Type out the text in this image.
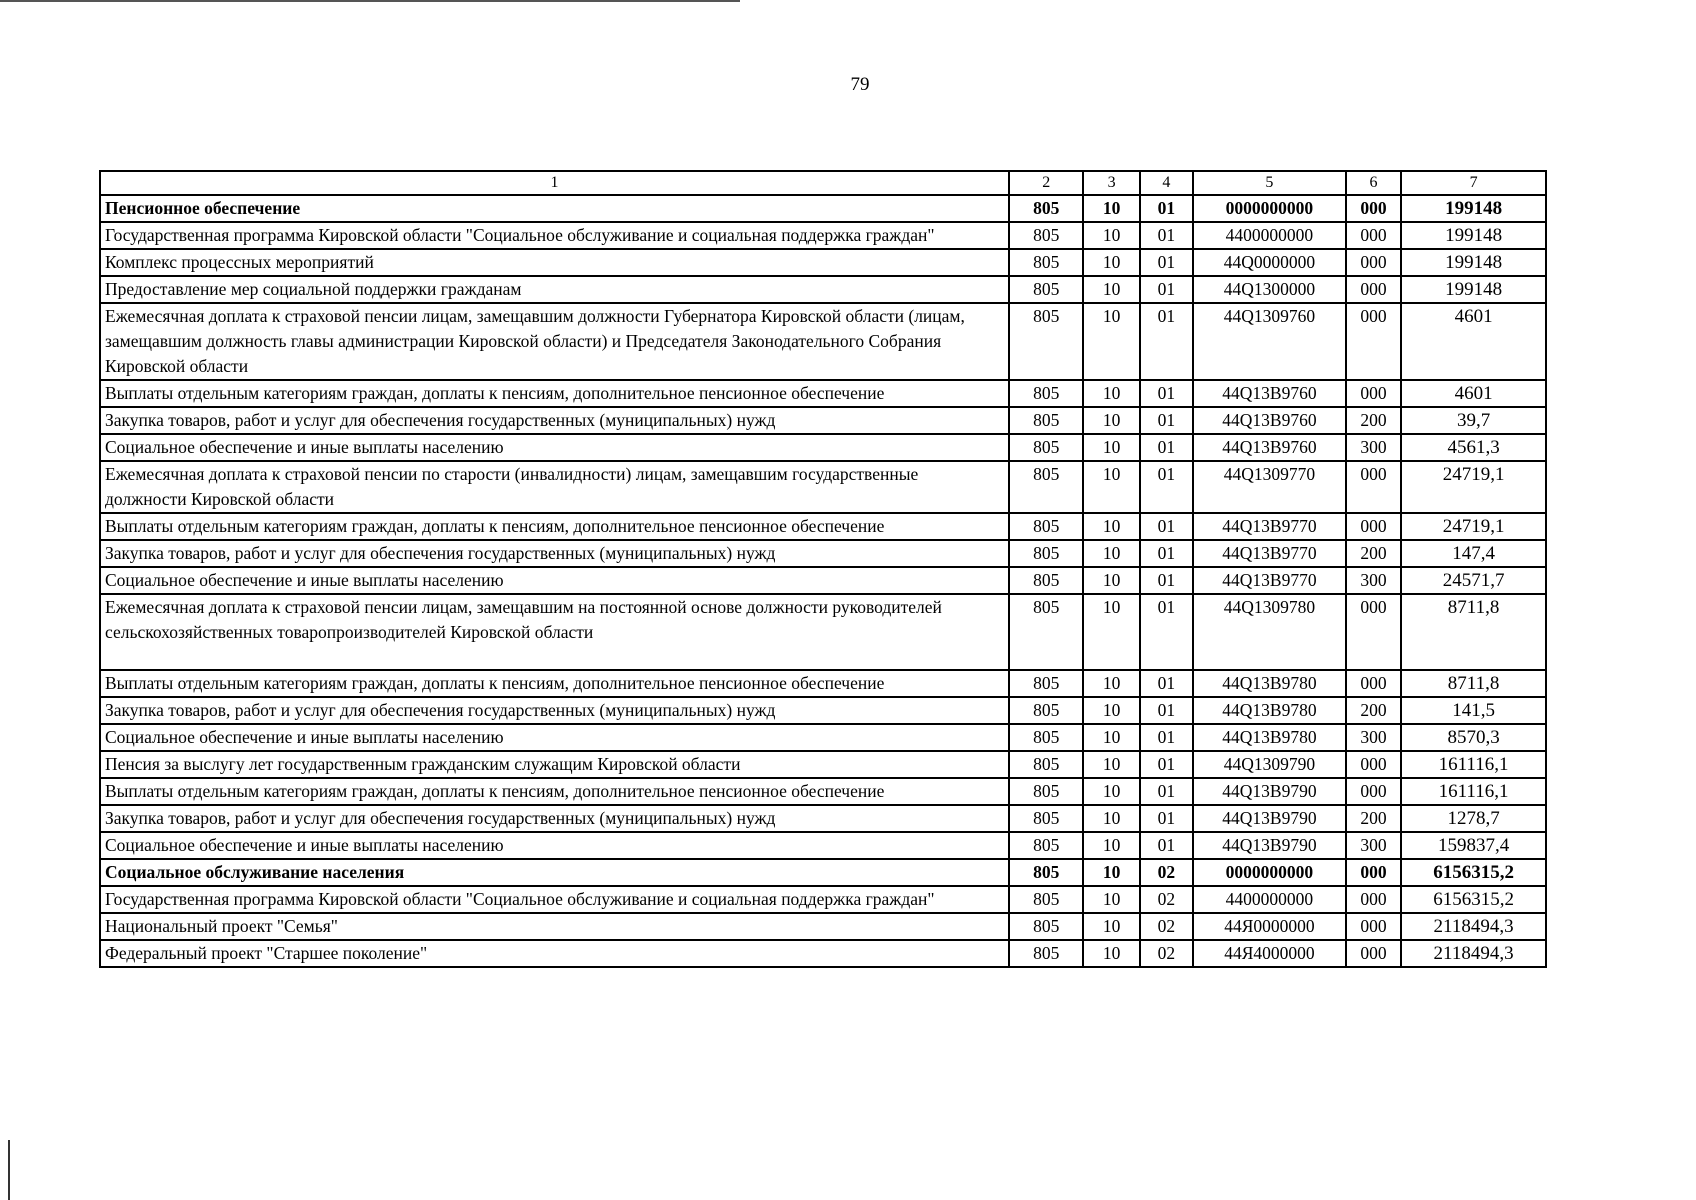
79
1	2	3	4	5	6	7
Пенсионное обеспечение	805	10	01	0000000000	000	199148
Государственная программа Кировской области "Социальное обслуживание и социальная поддержка граждан"	805	10	01	4400000000	000	199148
Комплекс процессных мероприятий	805	10	01	44Q0000000	000	199148
Предоставление мер социальной поддержки гражданам	805	10	01	44Q1300000	000	199148
Ежемесячная доплата к страховой пенсии лицам, замещавшим должности Губернатора Кировской области (лицам, замещавшим должность главы администрации Кировской области) и Председателя Законодательного Собрания Кировской области	805	10	01	44Q1309760	000	4601
Выплаты отдельным категориям граждан, доплаты к пенсиям, дополнительное пенсионное обеспечение	805	10	01	44Q13B9760	000	4601
Закупка товаров, работ и услуг для обеспечения государственных (муниципальных) нужд	805	10	01	44Q13B9760	200	39,7
Социальное обеспечение и иные выплаты населению	805	10	01	44Q13B9760	300	4561,3
Ежемесячная доплата к страховой пенсии по старости (инвалидности) лицам, замещавшим государственные должности Кировской области	805	10	01	44Q1309770	000	24719,1
Выплаты отдельным категориям граждан, доплаты к пенсиям, дополнительное пенсионное обеспечение	805	10	01	44Q13B9770	000	24719,1
Закупка товаров, работ и услуг для обеспечения государственных (муниципальных) нужд	805	10	01	44Q13B9770	200	147,4
Социальное обеспечение и иные выплаты населению	805	10	01	44Q13B9770	300	24571,7
Ежемесячная доплата к страховой пенсии лицам, замещавшим на постоянной основе должности руководителей сельскохозяйственных товаропроизводителей Кировской области	805	10	01	44Q1309780	000	8711,8
Выплаты отдельным категориям граждан, доплаты к пенсиям, дополнительное пенсионное обеспечение	805	10	01	44Q13B9780	000	8711,8
Закупка товаров, работ и услуг для обеспечения государственных (муниципальных) нужд	805	10	01	44Q13B9780	200	141,5
Социальное обеспечение и иные выплаты населению	805	10	01	44Q13B9780	300	8570,3
Пенсия за выслугу лет государственным гражданским служащим Кировской области	805	10	01	44Q1309790	000	161116,1
Выплаты отдельным категориям граждан, доплаты к пенсиям, дополнительное пенсионное обеспечение	805	10	01	44Q13B9790	000	161116,1
Закупка товаров, работ и услуг для обеспечения государственных (муниципальных) нужд	805	10	01	44Q13B9790	200	1278,7
Социальное обеспечение и иные выплаты населению	805	10	01	44Q13B9790	300	159837,4
Социальное обслуживание населения	805	10	02	0000000000	000	6156315,2
Государственная программа Кировской области "Социальное обслуживание и социальная поддержка граждан"	805	10	02	4400000000	000	6156315,2
Национальный проект "Семья"	805	10	02	44Я0000000	000	2118494,3
Федеральный проект "Старшее поколение"	805	10	02	44Я4000000	000	2118494,3
